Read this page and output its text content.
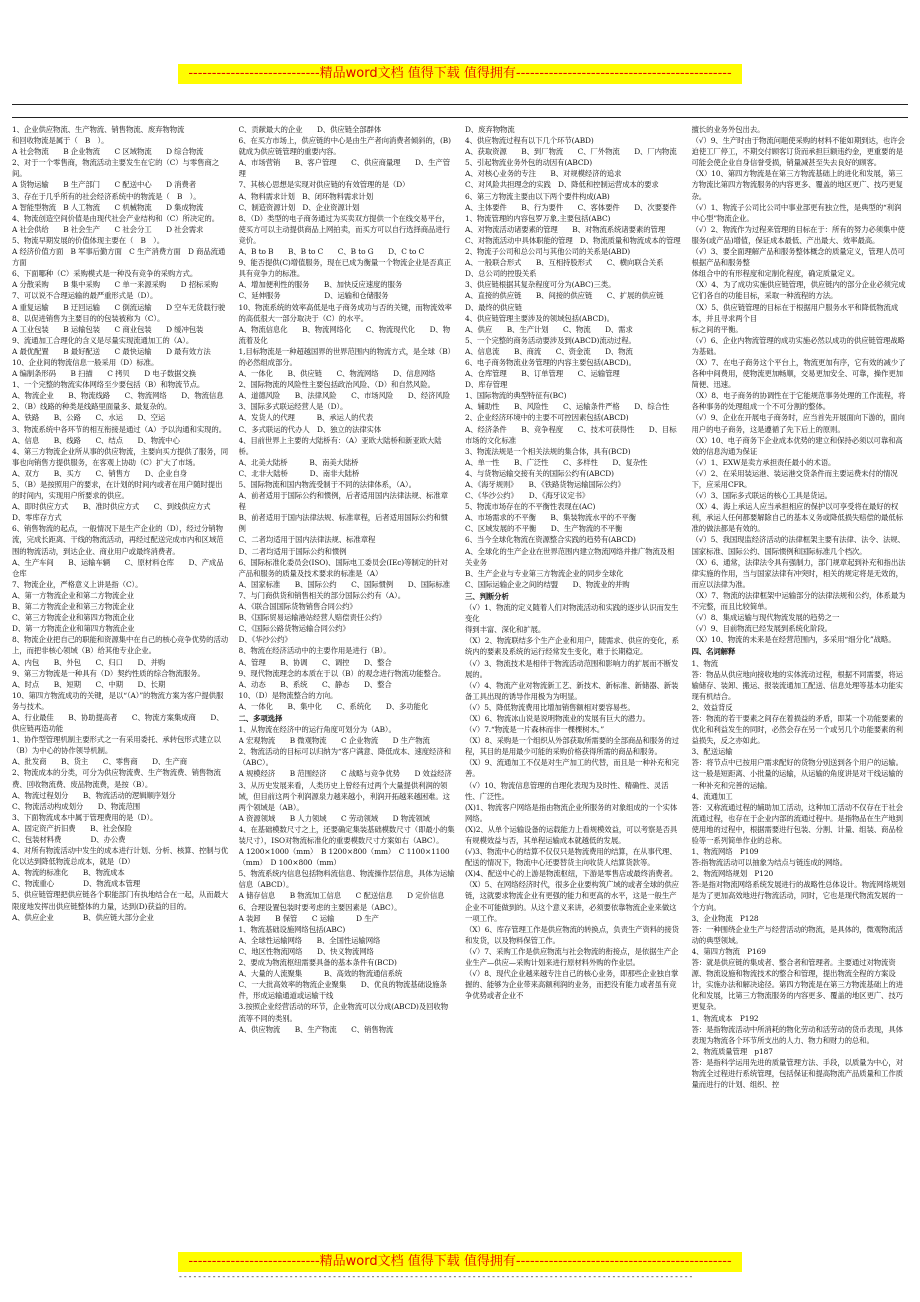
----------------------------精品word文档 值得下载 值得拥有----------------------------------------------

1、企业供应物流、生产物流、销售物流、废弃物物流

和回收物流是属于（　B　）。

A 社会物流　　B 企业物流　　C 区域物流　　D 综合物流

2、对于一个零售商，物流活动主要发生在它的（C）与零售商之间。

A 货物运输　　B 生产部门　　C 配送中心　　D 消费者

3、存在于几乎所有的社会经济系统中的物流是（　B　）。

A 智能型物流　B 人工物流　　C 机械物流　　D 集成物流

4、物流创造空间价值是由现代社会产业结构和（C）所决定的。

A 社会供给　　B 社会生产　　C 社会分工　　D 社会需求

5、物流早期发展的价值体现主要在（　B　）。

A 经济价值方面　B 军事后勤方面　C 生产消费方面　D 商品流通方面

6、下面哪种（C）采购模式是一种没有竞争的采购方式。

A 分散采购　　B 集中采购　　C 单一来源采购　　D 招标采购

7、可以说不合理运输的最严重形式是（D）。

A 重复运输　　B 迂回运输　　C 倒流运输　　D 空车无货载行驶

8、以促进销售为主要目的的包装被称为（C）。

A 工业包装　　B 运输包装　　C 商业包装　　D 缓冲包装

9、流通加工合理化的含义是尽量实现流通加工的（A）。

A 最优配置　　B 最好配送　　C 最快运输　　D 最有效方法

10、企业间的物流信息一般采用（D）标准。

A 编制条形码　　B 扫描　　C 拷贝　　D 电子数据交换

1、一个完整的物流实体网络至少要包括（B）和物流节点。

A、物流企业　　B、物流线路　　C、物流网络　　D、物流信息

2、（B）线路的种类是线路里面量多、最复杂的。

A、铁路　　B、公路　　C、水运　　D、空运

3、物流系统中各环节的相互衔接是通过（A）予以沟通和实现的。

A、信息　　B、线路　　C、结点　　D、物流中心

4、第三方物流企业所从事的供应物流，主要向买方提供了服务，同事也向销售方提供服务，在客观上协助（C）扩大了市场。

A、双方　　B、买方　　C、销售方　　D、企业自身

5、（B）是按照用户的要求，在计划的时间内或者在用户随时提出的时间内，实现用户所要求的供应。

A、即时供应方式　　B、准时供应方式　　C、到线供应方式　　D、零库存方式

6、销售物流的起点，一般情况下是生产企业的（D），经过分销物流，完成长距离、干线的物流活动，再经过配送完成市内和区域范围的物流活动，到达企业、商业用户或最终消费者。

A、生产车间　　B、运输车辆　　C、原材料仓库　　D、产成品仓库

7、物流企业，严格意义上讲是指（C）。

A、第一方物流企业和第二方物流企业

B、第二方物流企业和第三方物流企业

C、第三方物流企业和第四方物流企业

D、第一方物流企业和第四方物流企业

8、物流企业把自己的职能和资源集中在自己的核心竞争优势的活动上，而把非核心领域（B）给其他专业企业。

A、内包　　B、外包　　C、归口　　D、并购

9、第三方物流是一种具有（D）契约性质的综合物流服务。

A、时点　　B、短期　　C、中期　　D、长期

10、第四方物流成功的关键，是以“（A）”的物流方案为客户提供服务与技术。

A、行业最佳　　B、协助提高者　　C、物流方案集成商　　D、供应链再造功能

1、协作型管理机制主要形式之一有采用委托、承转包形式建立以（B）为中心的协作领导机制。

A、批发商　　B、货主　　C、零售商　　D、生产商

2、物流成本的分类，可分为供应物流费、生产物流费、销售物流费、回收物流费、废品物流费，是按（B）。

A、物流过程划分　　B、物流活动的逻辑顺序划分

C、物流活动构成划分　　D、物流范围

3、下面物流成本中属于管理费用的是（D）。

A、固定资产折旧费　　B、社会保险

C、包装材料费　　　　D、办公费

4、对所有物流活动中发生的成本进行计划、分析、核算、控制与优化以达到降低物流总成本，就是（D）

A、物流的标准化　　B、物流成本

C、物流重心　　　　D、物流成本管理

5、供应链管理把供应链各个职能部门有执地结合在一起，从而最大限度地发挥出供应链整体的力量，达到(D)获益的目的。

A、供应企业　　　　B、供应链大部分企业

C、贡献最大的企业　　D、供应链全部群体

6、在买方市场上，供应链的中心是由生产者向消费者倾斜的，(B)就成为供应链管理的重要内容。

A、市场营销　　B、客户管理　　C、供应商量理　　D、生产管理

7、其核心思想是实现对供应链的有效管理的是（D）

A、物料需求计划　B、闭环物料需求计划

C、制造资源计划　D、企业资源计划

8、（D）类型的电子商务通过为买卖双方提供一个在线交易平台，使买方可以主动提供商品上网拍卖，而买方可以自行选择商品进行竞价。

A、B to B　　B、B to C　　C、B to G　　D、C to C

9、能否提供(C)增值服务，现在已成为衡量一个物流企业是否真正具有竞争力的标准。

A、增加便利性的服务　　B、加快反应速度的服务

C、延伸服务　　　　　　D、运输和仓储服务

10、物流系统的效率高低是电子商务成功与否的关键，而物流效率的高低很大一部分取决于（C）的水平。

A、物流信息化　　B、物流网络化　　C、物流现代化　　D、物流着及化

1,目标物流是一种超越国界的世界范围内的物流方式，是全球（B）的必然组成部分。

A、一体化　　B、供应链　　C、物流网络　　D、信息网络

2、国际物流的风险性主要包括政治风险、（D）和自然风险。

A、道德风险　　B、法律风险　　C、市场风险　　D、经济风险

3、国际多式联运经营人是（D）。

A、发货人的代理　　　B、承运人的代表

C、多式联运的代办人　D、独立的法律实体

4、目前世界上主要的大陆桥有：（A）亚欧大陆桥和新亚欧大陆桥。

A、北美大陆桥　　　B、南美大陆桥

C、北非大陆桥　　　D、南非大陆桥

5、国际物流和国内物流受制于不同的法律体系，（A）。

A、前者适用于国际公约和惯例，后者适用国内法律法规、标准章程

B、前者适用于国内法律法规、标准章程，后者适用国际公约和惯例

C、二者均适用于国内法律法规、标准章程

D、二者均适用于国际公约和惯例

6、国际标准化委员会(ISO)、国际电工委员会(IEc)等制定的针对产品和服务的质量及技术要求的标准是（A）

A、国家标准　　B、国际公约　　C、国际惯例　　D、国际标准

7、与门商供货和销售相关的部分国际公约有（A）。

A、《联合国国际货物销售合同公约》

B、《国际贸易运输港站经营人赔偿责任公约》

C、《国际公路货物运输合同公约》

D、《华沙公约》

8、物流在经济活动中的主要作用是进行（B）。

A、管理　　B、协调　　C、调控　　D、整合

9、现代物流理念的本质在于以（B）的观念进行物流功能整合。

A、动态　　B、系统　　C、静态　　D、整合

10、（D）是物流整合的方向。

A、一体化　　B、集中化　　C、系统化　　D、多功能化

二、多项选择

1、从物流在经济中的运行角度可划分为（AB）。

A 宏观物流　　B 微观物流　　C 企业物流　　D 生产物流

2、物流活动的目标可以归纳为“客户满意、降低成本、速度经济和（ABC）。

A 规模经济　　B 范围经济　　C 战略与竞争优势　　D 效益经济

3、从历史发展来看，人类历史上曾经有过两个大量提供利润的领域，但目前这两个利润源泉力越来越小，利润开拓越来越困难。这两个领域是（AB）。

A 资源领域　　B 人力领域　　C 劳动领域　　D 物流领域

4、在基础模数尺寸之上，还要确定集装基础模数尺寸（即最小的集装尺寸），ISO对物流标准化的重要模数尺寸方案如右（ABC）。

A 1200×1000（mm）　B 1200×800（mm）　C 1100×1100（mm）　D 100×800（mm）

5、物流系统内信息包括物料流信息、物流操作层信息，具体为运输信息（ABCD）。

A 储存信息　　B 物流加工信息　　C 配送信息　　D 定价信息

6、合理设置包装时要考虑的主要因素是（ABC）。

A 装卸　　B 保管　　C 运输　　　D 生产

1、物流基础设施网络包括(ABC)

A、全球性运输网络　　B、全国性运输网络

C、地区性物流网络　　D、快义物流网络

2、要成为物流枢纽需要具备的基本条件有(BCD)

A、大量的人流聚集　　　B、高效的物流通信系统

C、一大批高效率的物流企业聚集　　D、优良的物流基础设施条件，形成运输通道或运输干线

3.按照企业经营活动的环节，企业物流可以分成(ABCD)及回收物流等不同的类别。

A、供应物流　　B、生产物流　　C、销售物流

D、废弃物物流

4、供应物流过程有以下几个环节(ABD)

A、获取资源　　B、到厂物流　　C、厂外物流　　D、厂内物流

5、引起物流业务外包的动因有(ABCD)

A、对核心业务的专注　　B、对规模经济的追求

C、对风险共担理念的实践　D、降低和控制运营成本的要求

6、第三方物流主要由以下两个要件构成(AB)

A、主体要件　　B、行为要件　　C、客体要件　　D、次要要件

1、物流管理的内容包罗万象,主要包括(ABC)

A、对物流活动诸要素的管理　　B、对物流系统诸要素的管理

C、对物流活动中具体职能的管理　D、物流质量和物流成本的管理

2、物流子公司和总公司与其他公司的关系是(ABD)

A、一般联合形式　　B、互相持股形式　　C、横向联合关系　　D、总公司的控股关系

3、供应链根据其复杂程度可分为(ABC)三类。

A、直接的供应链　　B、间接的供应链　　C、扩展的供应链　　D、最终的供应链

4、供应链管理主要涉及的领域包括(ABCD)。

A、供应　　B、生产计划　　C、物流　　D、需求

5、一个完整的商务活动要涉及到(ABCD)流动过程。

A、信息流　　B、商流　　C、资金流　　D、物流

6、电子商务物流业务管理的内容主要包括(ABCD)。

A、仓库管理　　B、订单管理　　C、运输管理

D、库存管理

1、国际物流的典型特征有(BC)

A、辅助性　　B、风险性　　C、运输条件严格　　D、综合性

2、企业经济环境中的主要不可控因素包括(ABCD)

A、经济条件　　B、竞争程度　　C、技术可获得性　　D、目标市场的文化标准

3、物流法规是一个相关法规的集合体，具有(BCD)

A、单一性　　B、广泛性　　C、多样性　　D、复杂性

4、与货物运输交接有关的国际公约有(ABCD)

A、《海牙规则》　　B、《铁路货物运输国际公约》

C、《华沙公约》　　D、《海牙议定书》

5、物流市场存在的不平衡性表现在(AC)

A、市场需求的不平衡　　B、集装物流水平的不平衡

C、区域发展的不平衡　　D、生产物流的不平衡

6、当今全球化物流在资源整合实践的趋势有(ABCD)

A、全球化的生产企业在世界范围内建立物流网络并推广物流及相关业务

B、生产企业与专业第三方物流企业的同步全球化

C、国际运输企业之间的结盟　　D、物流业的并购

三、判断分析

（√）1、物流的定义随着人们对物流活动和实践的逐步认识而发生变化

得到丰富、深化和扩展。

（X）2、物流联结多个生产企业和用户，随需求、供应的变化，系统内的要素及系统的运行经常发生变化，难于长期稳定。

（√）3、物流技术是相伴于物流活动范围和影响力的扩展而不断发展的。

（√）4、物流产业对物流新工艺、新技术、新标准、新储器、新装备工具出现的诱导作用极为为明显。

（√）5、降低物流费用比增加销售额相对要容易些。

（X）6、物流冰山说是说明物流业的发展有巨大的潜力。

（√）7.“物流是一片森林而非一棵棵树木。”

（X）8、采购是一个组织从外部获取所需要的全部商品和服务的过程，其目的是用最少可能的采购价格获得所需的商品和服务。

（X）9、流通加工不仅是对生产加工的代替，而且是一种补充和完善。

（√）10、物流信息管理的自理化表现为及时性、精确性、灵活性、广泛性。

(X)1、物流客户网络是指由物流企业所服务的对象组成的一个实体网络。

(X)2、从单个运输设备的运载能力上看规模效益，可以考察是否具有规模效益与否，其单程运输成本就越低的发展。

(√)3、物流中心的结算不仅仅只是物流费用的结算，在从事代理、配送的情况下，物流中心还要替货主向收货人结算货款等。

(X)4、配送中心的上游是物流枢纽，下游是零售店或最终消费者。

（X）5、在网络经济时代，很多企业要构筑广域的或者全球的供应链，这就要求物流企业有更强的能力和更高的水平，这是一般生产企业不可能做到的。从这个意义来讲，必须要依靠物流企业来做这一项工作。

（X）6、库存管理工作是供应物流的转换点，负责生产资料的接货和发货，以及物料保管工作。

（√）7、采购工作是供应物流与社会物流的衔接点，是依据生产企业生产—供应—采购计划来进行原材料外购的作业层。

（√）8、现代企业越来越专注自己的核心业务，即那些企业独自掌握的、能够为企业带来高额利润的业务，而把没有能力或者虽有竞争优势或者企业不

擅长的业务外包出去。

（√）9、生产时由于物流问题使采购的材料不能如期到达，也许会迫使工厂停工，不期交付顾客订货而承担巨额违约金，更重要的是可能会使企业自身信誉受损，销量减甚至失去良好的顾客。

（X）10、第四方物流是在第三方物流基础上的进化和发展，第三方物流比第四方物流服务的内容更多、覆盖的地区更广、技巧更复杂。

（√）1、物流子公司比公司中事业部更有独立性，是典型的“利润中心型”物流企业。

（√）2、物流作为过程来管理的目标在于：所有的努力必须集中使服务(或产品)增值，保证成本最低、产出最大、效率最高。

（√）3、要全面理解产品和服务整体概念的质量定义，管理人员可根据产品和服务整

体组合中的有形程度和定制化程度，确定质量定义。

（X）4、为了成功实施供应链管理，供应链内的部分企业必须完成它们各自的功能目标，采取一种流程的方法。

（X）5、供应链管理的目标在于根据用户服务水平和降低物流成本，并且寻求两个目

标之间的平衡。

（√）6、企业内物流管理的成功实施必然以成功的供应链管理战略为基础。

（X）7、在电子商务这个平台上，物流更加有序，它有效的减少了各种中间费用，使物流更加畅顺，交易更加安全、可靠，操作更加简便、迅速。

（X）8、电子商务的协调性在于它能规范事务处理的工作流程，将各种事务的处理组成一个不可分割的整体。

（√）9、企业在开展电子商务时，应当首先开展面向下游的，面向用户的电子商务，这是遵循了先下后上的原则。

（X）10、电子商务下企业成本优势的建立和保持必须以可靠和高效的信息沟通为保证

（√）1、EXW是卖方承担责任最小的术语。

（√）2、在采用装运港、装运港交货条件而主要运费未付的情况下，应采用CFR。

（√）3、国际多式联运的核心工具是货运。

（X）4、海上承运人应当承担相应的保护以可享受将在最好的权利，承运人任何都要解除自己的基本义务或降低损失赔偿的最低标准的做法都是有效的。

（√）5、我国现监经济活动的法律框架主要有法律、法令、法规、国家标准、国际公约、国际惯例和国际标准几个档次。

（X）6、通常，法律法令具有强制力，部门规章起到补充和指出法律实施的作用，当与国家法律有冲突时，相关的规定将是无效的，而应以法律为准。

（X）7、物流的法律框架中运输部分的法律法规和公约，体系最为不完整，而且比较简单。

（√）8、集成运输与现代物流发展的趋势之一

（√）9、目前物流已经发展到系统化阶段。

（X）10、物流的未来是在经营范围内，多采用“细分化”战略。

四、名词解释

1、物流

答：物品从供应地向接收地的实体流动过程，根据不同需要，将运输储存、装卸、搬运、报装流通加工配送、信息处理等基本功能实现有机结合。

2、效益背反

答：物流的若干要素之间存在着损益的矛盾，即某一个功能要素的优化和利益发生的同时，必然会存在另一个或另几个功能要素的利益损失，反之亦如此。

3、配送运输

答：将节点中已按用户需求配好的货物分别送到各个用户的运输。这一般是短距离、小批量的运输，从运输的角度讲是对干线运输的一种补充和完善的运输。

4、流通加工

答：又称流通过程的辅助加工活动，这种加工活动不仅存在于社会流通过程，也存在于企业内部的流通过程中。是指物品在生产地到使用地的过程中，根据需要进行包装、分割、计量、组装、商品检验等一系列简单作业的总称。

1、物流网络　P109

答:指物流活动可以抽象为结点与链连成的网络。

2、物流网络规划　P120

答:是指对物流网络系统发展进行的战略性总体设计。物流网络规划是为了更加高效地进行物流活动，同时，它也是现代物流发展的一个方向。

3、企业物流　P128

答：一种围绕企业生产与经营活动的物流，是具体的，微观物流活动的典型领域。

4、第四方物流　P169

答：就是供应链的集成者、整合者和管理者。主要通过对物流资源、物流设施和物流技术的整合和管理，提出物流全程的方案设计，实施办法和解决途径。第四方物流是在第三方物流基础上的进化和发展，比第三方物流服务的内容更多、覆盖的地区更广、技巧更复杂。

1、物流成本　P192

答：是指物流活动中所消耗的物化劳动和活劳动的货币表现，具体表现为物流各个环节所支出的人力、物力和财力的总和。

2、物流质量管理　p187

答：是指科学运用先进的质量管理方法、手段，以质量为中心，对物流全过程进行系统管理，包括保证和提高物流产品质量和工作质量而进行的计划、组织、控

----------------------------精品word文档 值得下载 值得拥有----------------------------------------------
-----------------------------------------------------------------------------------------------------------
